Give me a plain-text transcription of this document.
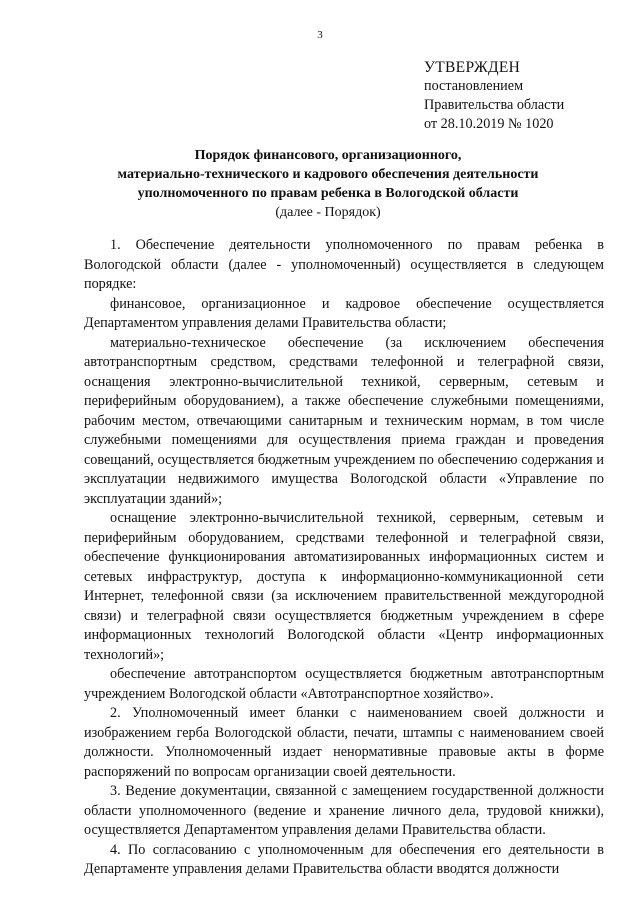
3
УТВЕРЖДЕН
постановлением
Правительства области
от 28.10.2019 № 1020
Порядок финансового, организационного,
материально-технического и кадрового обеспечения деятельности
уполномоченного по правам ребенка в Вологодской области
(далее - Порядок)

1. Обеспечение деятельности уполномоченного по правам ребенка в Вологодской области (далее - уполномоченный) осуществляется в следующем порядке:

финансовое, организационное и кадровое обеспечение осуществляется Департаментом управления делами Правительства области;

материально-техническое обеспечение (за исключением обеспечения автотранспортным средством, средствами телефонной и телеграфной связи, оснащения электронно-вычислительной техникой, серверным, сетевым и периферийным оборудованием), а также обеспечение служебными помещениями, рабочим местом, отвечающими санитарным и техническим нормам, в том числе служебными помещениями для осуществления приема граждан и проведения совещаний, осуществляется бюджетным учреждением по обеспечению содержания и эксплуатации недвижимого имущества Вологодской области «Управление по эксплуатации зданий»;

оснащение электронно-вычислительной техникой, серверным, сетевым и периферийным оборудованием, средствами телефонной и телеграфной связи, обеспечение функционирования автоматизированных информационных систем и сетевых инфраструктур, доступа к информационно-коммуникационной сети Интернет, телефонной связи (за исключением правительственной междугородной связи) и телеграфной связи осуществляется бюджетным учреждением в сфере информационных технологий Вологодской области «Центр информационных технологий»;

обеспечение автотранспортом осуществляется бюджетным автотранспортным учреждением Вологодской области «Автотранспортное хозяйство».

2. Уполномоченный имеет бланки с наименованием своей должности и изображением герба Вологодской области, печати, штампы с наименованием своей должности. Уполномоченный издает ненормативные правовые акты в форме распоряжений по вопросам организации своей деятельности.

3. Ведение документации, связанной с замещением государственной должности области уполномоченного (ведение и хранение личного дела, трудовой книжки), осуществляется Департаментом управления делами Правительства области.

4. По согласованию с уполномоченным для обеспечения его деятельности в Департаменте управления делами Правительства области вводятся должности
